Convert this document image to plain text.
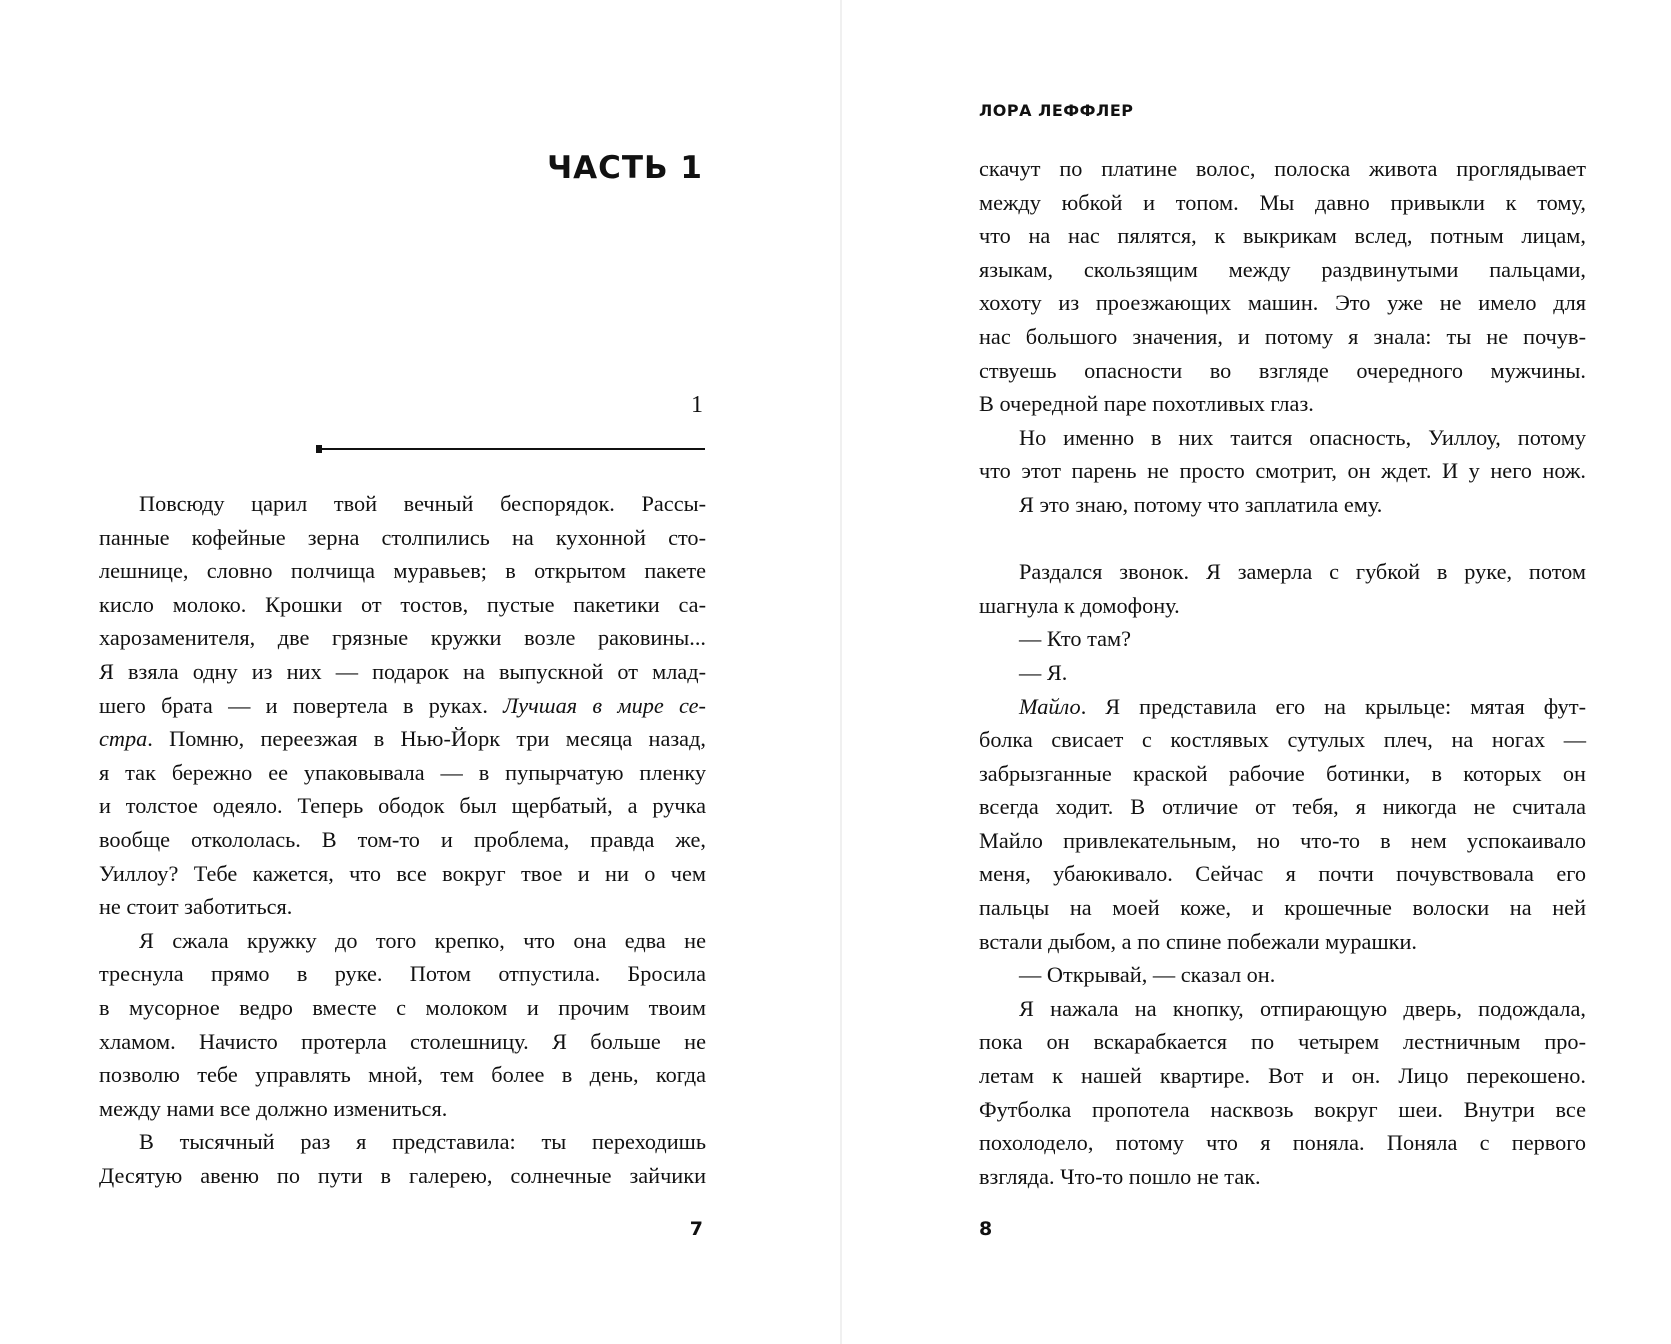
ЧАСТЬ 1
1
Повсюду царил твой вечный беспорядок. Рассы-
панные кофейные зерна столпились на кухонной сто-
лешнице, словно полчища муравьев; в открытом пакете
кисло молоко. Крошки от тостов, пустые пакетики са-
харозаменителя, две грязные кружки возле раковины...
Я взяла одну из них — подарок на выпускной от млад-
шего брата — и повертела в руках. Лучшая в мире се-
стра. Помню, переезжая в Нью-Йорк три месяца назад,
я так бережно ее упаковывала — в пупырчатую пленку
и толстое одеяло. Теперь ободок был щербатый, а ручка
вообще откололась. В том-то и проблема, правда же,
Уиллоу? Тебе кажется, что все вокруг твое и ни о чем
не стоит заботиться.
Я сжала кружку до того крепко, что она едва не
треснула прямо в руке. Потом отпустила. Бросила
в мусорное ведро вместе с молоком и прочим твоим
хламом. Начисто протерла столешницу. Я больше не
позволю тебе управлять мной, тем более в день, когда
между нами все должно измениться.
В тысячный раз я представила: ты переходишь
Десятую авеню по пути в галерею, солнечные зайчики
7
ЛОРА ЛЕФФЛЕР
скачут по платине волос, полоска живота проглядывает
между юбкой и топом. Мы давно привыкли к тому,
что на нас пялятся, к выкрикам вслед, потным лицам,
языкам, скользящим между раздвинутыми пальцами,
хохоту из проезжающих машин. Это уже не имело для
нас большого значения, и потому я знала: ты не почув-
ствуешь опасности во взгляде очередного мужчины.
В очередной паре похотливых глаз.
Но именно в них таится опасность, Уиллоу, потому
что этот парень не просто смотрит, он ждет. И у него нож.
Я это знаю, потому что заплатила ему.

Раздался звонок. Я замерла с губкой в руке, потом
шагнула к домофону.
— Кто там?
— Я.
Майло. Я представила его на крыльце: мятая фут-
болка свисает с костлявых сутулых плеч, на ногах —
забрызганные краской рабочие ботинки, в которых он
всегда ходит. В отличие от тебя, я никогда не считала
Майло привлекательным, но что-то в нем успокаивало
меня, убаюкивало. Сейчас я почти почувствовала его
пальцы на моей коже, и крошечные волоски на ней
встали дыбом, а по спине побежали мурашки.
— Открывай, — сказал он.
Я нажала на кнопку, отпирающую дверь, подождала,
пока он вскарабкается по четырем лестничным про-
летам к нашей квартире. Вот и он. Лицо перекошено.
Футболка пропотела насквозь вокруг шеи. Внутри все
похолодело, потому что я поняла. Поняла с первого
взгляда. Что-то пошло не так.
8
